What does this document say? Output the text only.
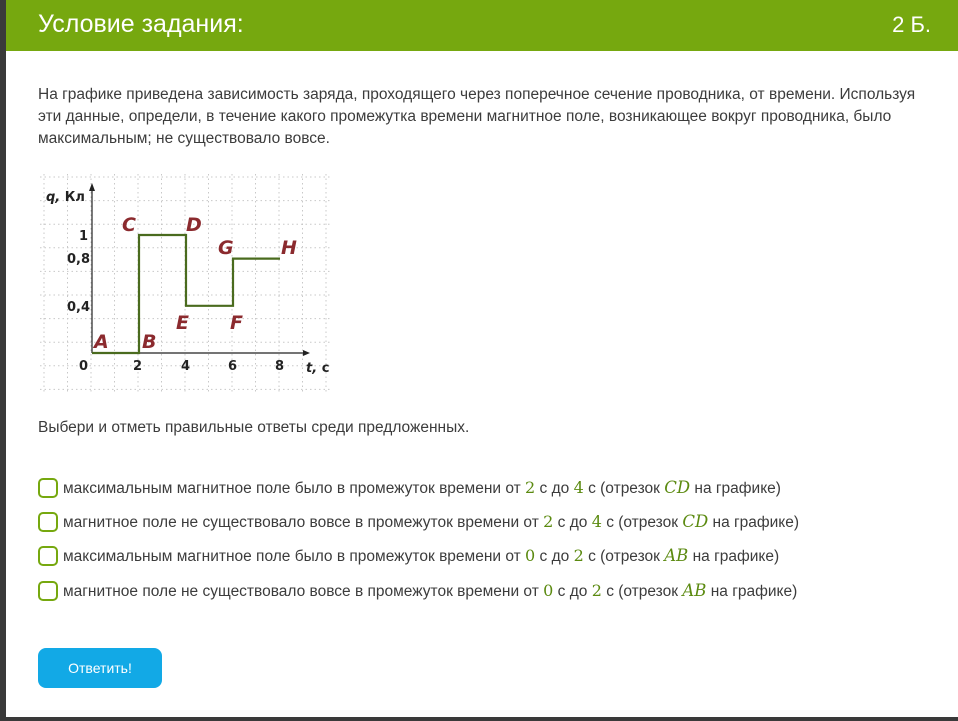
Условие задания:	2 Б.
На графике приведена зависимость заряда, проходящего через поперечное сечение проводника, от времени. Используя эти данные, определи, в течение какого промежутка времени магнитное поле, возникающее вокруг проводника, было максимальным; не существовало вовсе.
q, Кл
1
0,8
0,4
0	2	4	6	8 t, с
A B
C	D
E F
G H
Выбери и отметь правильные ответы среди предложенных.
максимальным магнитное поле было в промежуток времени от 2 с до 4 с (отрезок CD на графике)
магнитное поле не существовало вовсе в промежуток времени от 2 с до 4 с (отрезок CD на графике)
максимальным магнитное поле было в промежуток времени от 0 с до 2 с (отрезок AB на графике)
магнитное поле не существовало вовсе в промежуток времени от 0 с до 2 с (отрезок AB на графике)
Ответить!
